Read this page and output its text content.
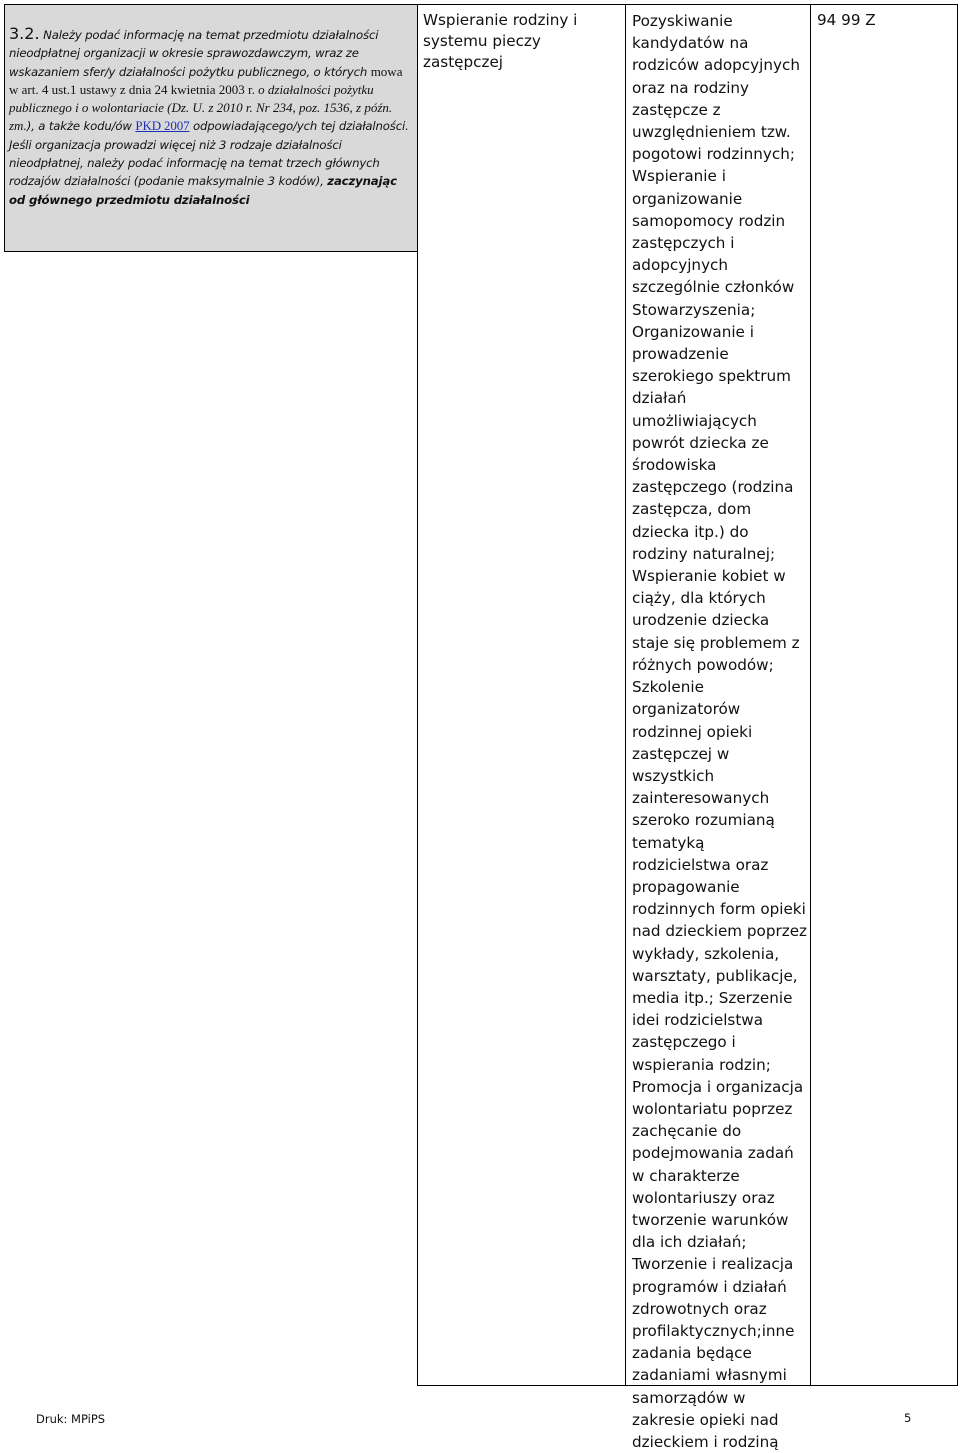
3.2. Należy podać informację na temat przedmiotu działalności nieodpłatnej organizacji w okresie sprawozdawczym, wraz ze wskazaniem sfer/y działalności pożytku publicznego, o których mowa w art. 4 ust.1 ustawy z dnia 24 kwietnia 2003 r. o działalności pożytku publicznego i o wolontariacie (Dz. U. z 2010 r. Nr 234, poz. 1536, z późn. zm.), a także kodu/ów PKD 2007 odpowiadającego/ych tej działalności. Jeśli organizacja prowadzi więcej niż 3 rodzaje działalności nieodpłatnej, należy podać informację na temat trzech głównych rodzajów działalności (podanie maksymalnie 3 kodów), zaczynając od głównego przedmiotu działalności
Wspieranie rodziny i systemu pieczy zastępczej
Pozyskiwanie kandydatów na rodziców adopcyjnych oraz na rodziny zastępcze z uwzględnieniem tzw. pogotowi rodzinnych; Wspieranie i organizowanie samopomocy rodzin zastępczych i adopcyjnych szczególnie członków Stowarzyszenia; Organizowanie i prowadzenie szerokiego spektrum działań umożliwiających powrót dziecka ze środowiska zastępczego (rodzina zastępcza, dom dziecka itp.) do rodziny naturalnej; Wspieranie kobiet w ciąży, dla których urodzenie dziecka staje się problemem z różnych powodów; Szkolenie organizatorów rodzinnej opieki zastępczej w wszystkich zainteresowanych szeroko rozumianą tematyką rodzicielstwa oraz propagowanie rodzinnych form opieki nad dzieckiem poprzez wykłady, szkolenia, warsztaty, publikacje, media itp.; Szerzenie idei rodzicielstwa zastępczego i wspierania rodzin; Promocja i organizacja wolontariatu poprzez zachęcanie do podejmowania zadań w charakterze wolontariuszy oraz tworzenie warunków dla ich działań; Tworzenie i realizacja programów i działań zdrowotnych oraz profilaktycznych;inne zadania będące zadaniami własnymi samorządów w zakresie opieki nad dzieckiem i rodziną
94 99 Z
Druk: MPiPS	5
